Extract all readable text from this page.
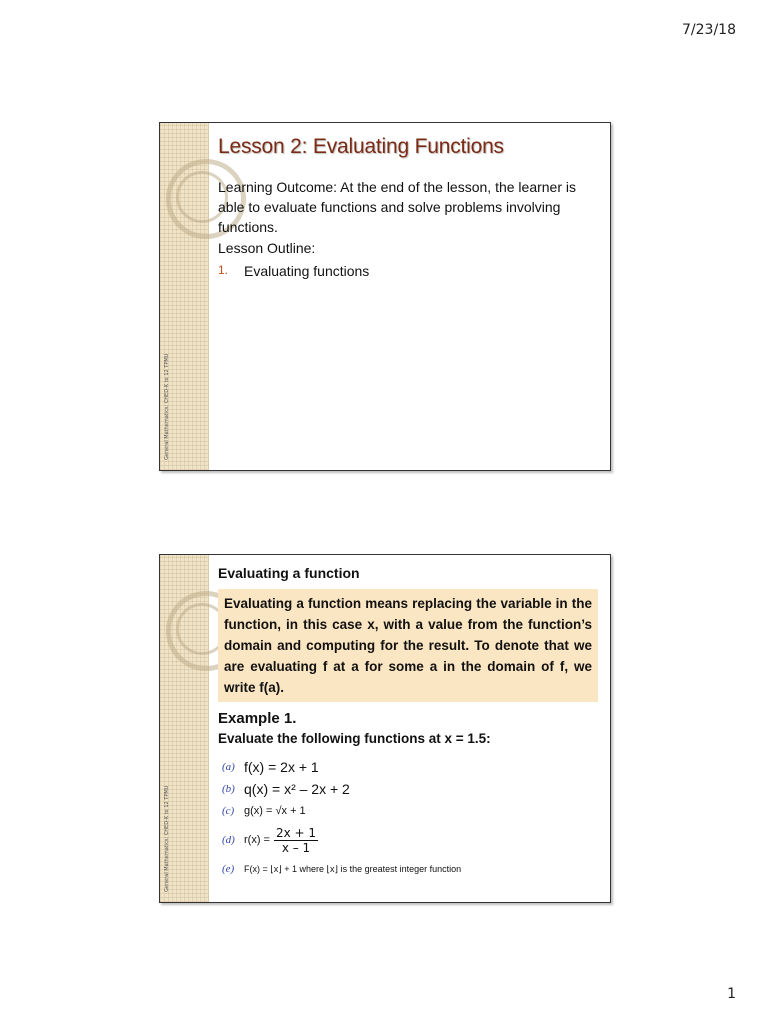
7/23/18
General Mathematics: CHED-K to 12 TPMU
Lesson 2: Evaluating Functions
Learning Outcome: At the end of the lesson, the learner is able to evaluate functions and solve problems involving functions.
Lesson Outline:
1.	Evaluating functions
General Mathematics: CHED-K to 12 TPMU
Evaluating a function
Evaluating a function means replacing the variable in the function, in this case x, with a value from the function’s domain and computing for the result. To denote that we are evaluating f at a for some a in the domain of f, we write f(a).
Example 1.
Evaluate the following functions at x = 1.5:
(a) f(x) = 2x + 1
(b) q(x) = x² – 2x + 2
(c) g(x) = √x + 1
(d) $r(x) = \frac{2x + 1}{x - 1}$
(e)	F(x) = ⌊x⌋ + 1 where ⌊x⌋ is the greatest integer function
1
